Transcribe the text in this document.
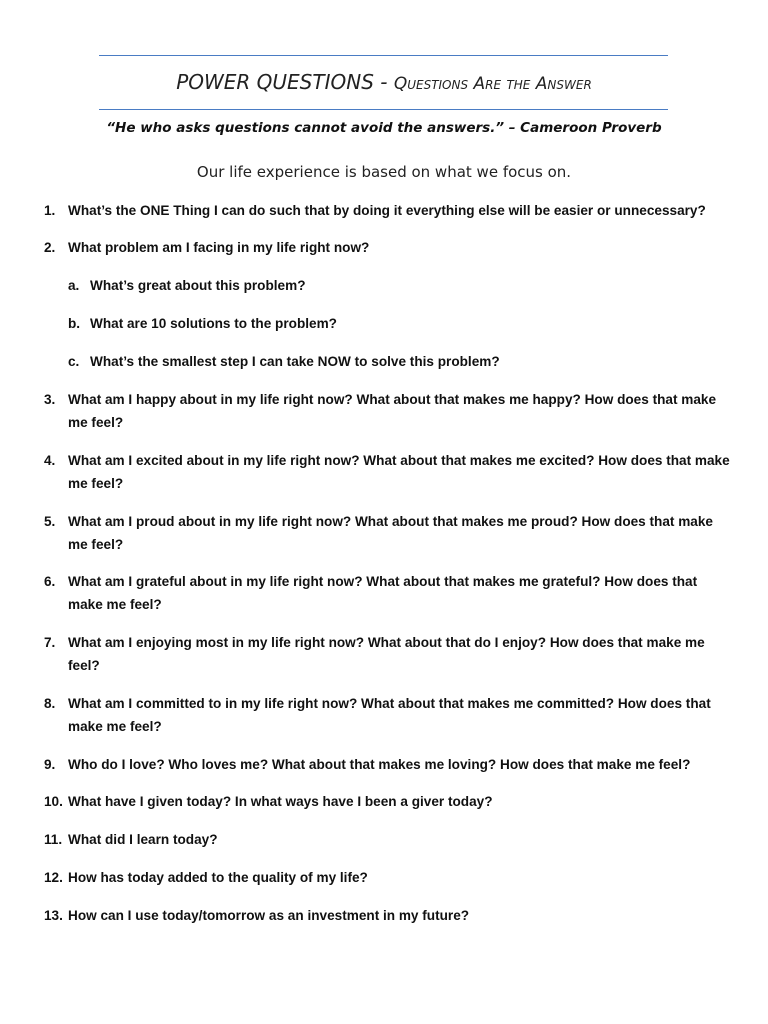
POWER QUESTIONS - Questions Are the Answer
“He who asks questions cannot avoid the answers.” – Cameroon Proverb
Our life experience is based on what we focus on.
1. What’s the ONE Thing I can do such that by doing it everything else will be easier or unnecessary?
2. What problem am I facing in my life right now?
a. What’s great about this problem?
b. What are 10 solutions to the problem?
c. What’s the smallest step I can take NOW to solve this problem?
3. What am I happy about in my life right now? What about that makes me happy? How does that make me feel?
4. What am I excited about in my life right now? What about that makes me excited? How does that make me feel?
5. What am I proud about in my life right now? What about that makes me proud? How does that make me feel?
6. What am I grateful about in my life right now? What about that makes me grateful? How does that make me feel?
7. What am I enjoying most in my life right now? What about that do I enjoy? How does that make me feel?
8. What am I committed to in my life right now? What about that makes me committed? How does that make me feel?
9. Who do I love? Who loves me? What about that makes me loving? How does that make me feel?
10. What have I given today? In what ways have I been a giver today?
11. What did I learn today?
12. How has today added to the quality of my life?
13. How can I use today/tomorrow as an investment in my future?
